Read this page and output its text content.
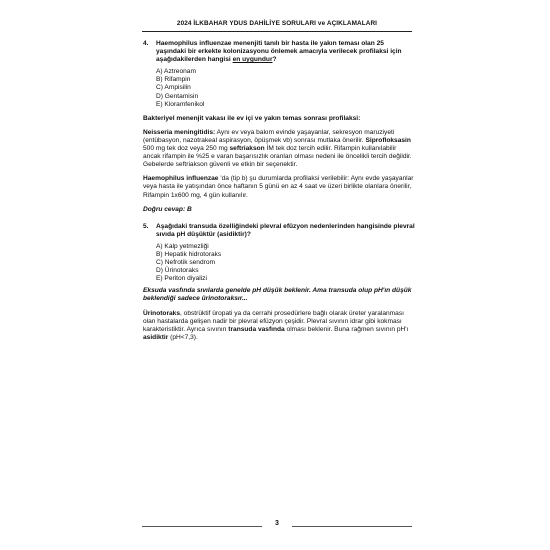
2024 İLKBAHAR YDUS DAHİLİYE SORULARI ve AÇIKLAMALARI
4.	Haemophilus influenzae menenjiti tanılı bir hasta ile yakın teması olan 25 yaşındaki bir erkekte kolonizasyonu önlemek amacıyla verilecek profilaksi için aşağıdakilerden hangisi en uygundur?

A) Aztreonam

B) Rifampin

C) Ampisilin

D) Gentamisin

E) Kloramfenikol

Bakteriyel menenjit vakası ile ev içi ve yakın temas sonrası profilaksi:

Neisseria meningitidis: Aynı ev veya bakım evinde yaşayanlar, sekresyon maruziyeti (entübasyon, nazotrakeal aspirasyon, öpüşmek vb) sonrası mutlaka önerilir. Siprofloksasin 500 mg tek doz veya 250 mg seftriakson İM tek doz tercih edilir. Rifampin kullanılabilir ancak rifampin ile %25 e varan başarısızlık oranları olması nedeni ile öncelikli tercih değildir. Gebelerde seftriakson güvenli ve etkin bir seçenektir.

Haemophilus influenzae 'da (tip b) şu durumlarda profilaksi verilebilir: Aynı evde yaşayanlar veya hasta ile yatışından önce haftanın 5 günü en az 4 saat ve üzeri birlikte olanlara önerilir, Rifampin 1x600 mg, 4 gün kullanılır.

Doğru cevap: B

5.	Aşağıdaki transuda özelliğindeki plevral efüzyon nedenlerinden hangisinde plevral sıvıda pH düşüktür (asidiktir)?

A) Kalp yetmezliği

B) Hepatik hidrotoraks

C) Nefrotik sendrom

D) Ürinotoraks

E) Periton diyalizi

Eksuda vasfında sıvılarda genelde pH düşük beklenir. Ama transuda olup pH'ın düşük beklendiği sadece ürinotoraksır...

Ürinotoraks, obstrüktif üropati ya da cerrahi prosedürlere bağlı olarak üreter yaralanması olan hastalarda gelişen nadir bir plevral efüzyon çeşidir. Plevral sıvının idrar gibi kokması karakteristiktir. Ayrıca sıvının transuda vasfında olması beklenir. Buna rağmen sıvının pH'ı asidiktir (pH<7,3).

3
